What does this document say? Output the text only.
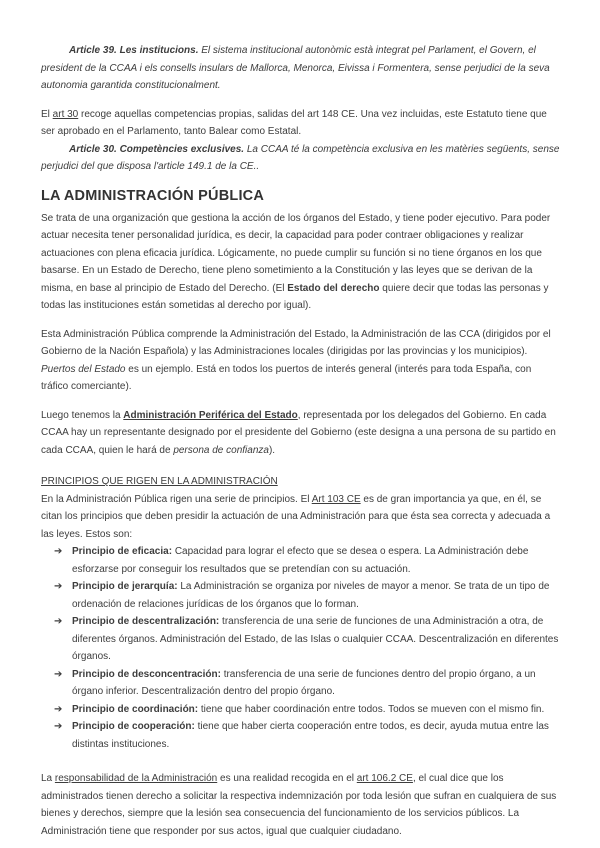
Article 39. Les institucions. El sistema institucional autonòmic està integrat pel Parlament, el Govern, el president de la CCAA i els consells insulars de Mallorca, Menorca, Eivissa i Formentera, sense perjudici de la seva autonomia garantida constitucionalment.
El art 30 recoge aquellas competencias propias, salidas del art 148 CE. Una vez incluidas, este Estatuto tiene que ser aprobado en el Parlamento, tanto Balear como Estatal.
Article 30. Competències exclusives. La CCAA té la competència exclusiva en les matèries següents, sense perjudici del que disposa l'article 149.1 de la CE..
LA ADMINISTRACIÓN PÚBLICA
Se trata de una organización que gestiona la acción de los órganos del Estado, y tiene poder ejecutivo. Para poder actuar necesita tener personalidad jurídica, es decir, la capacidad para poder contraer obligaciones y realizar actuaciones con plena eficacia jurídica. Lógicamente, no puede cumplir su función si no tiene órganos en los que basarse. En un Estado de Derecho, tiene pleno sometimiento a la Constitución y las leyes que se derivan de la misma, en base al principio de Estado del Derecho. (El Estado del derecho quiere decir que todas las personas y todas las instituciones están sometidas al derecho por igual).
Esta Administración Pública comprende la Administración del Estado, la Administración de las CCA (dirigidos por el Gobierno de la Nación Española) y las Administraciones locales (dirigidas por las provincias y los municipios). Puertos del Estado es un ejemplo. Está en todos los puertos de interés general (interés para toda España, con tráfico comerciante).
Luego tenemos la Administración Periférica del Estado, representada por los delegados del Gobierno. En cada CCAA hay un representante designado por el presidente del Gobierno (este designa a una persona de su partido en cada CCAA, quien le hará de persona de confianza).
PRINCIPIOS QUE RIGEN EN LA ADMINISTRACIÓN
En la Administración Pública rigen una serie de principios. El Art 103 CE es de gran importancia ya que, en él, se citan los principios que deben presidir la actuación de una Administración para que ésta sea correcta y adecuada a las leyes. Estos son:
➔ Principio de eficacia: Capacidad para lograr el efecto que se desea o espera. La Administración debe esforzarse por conseguir los resultados que se pretendían con su actuación.
➔ Principio de jerarquía: La Administración se organiza por niveles de mayor a menor. Se trata de un tipo de ordenación de relaciones jurídicas de los órganos que lo forman.
➔ Principio de descentralización: transferencia de una serie de funciones de una Administración a otra, de diferentes órganos. Administración del Estado, de las Islas o cualquier CCAA. Descentralización en diferentes órganos.
➔ Principio de desconcentración: transferencia de una serie de funciones dentro del propio órgano, a un órgano inferior. Descentralización dentro del propio órgano.
➔ Principio de coordinación: tiene que haber coordinación entre todos. Todos se mueven con el mismo fin.
➔ Principio de cooperación: tiene que haber cierta cooperación entre todos, es decir, ayuda mutua entre las distintas instituciones.
La responsabilidad de la Administración es una realidad recogida en el art 106.2 CE, el cual dice que los administrados tienen derecho a solicitar la respectiva indemnización por toda lesión que sufran en cualquiera de sus bienes y derechos, siempre que la lesión sea consecuencia del funcionamiento de los servicios públicos. La Administración tiene que responder por sus actos, igual que cualquier ciudadano.
